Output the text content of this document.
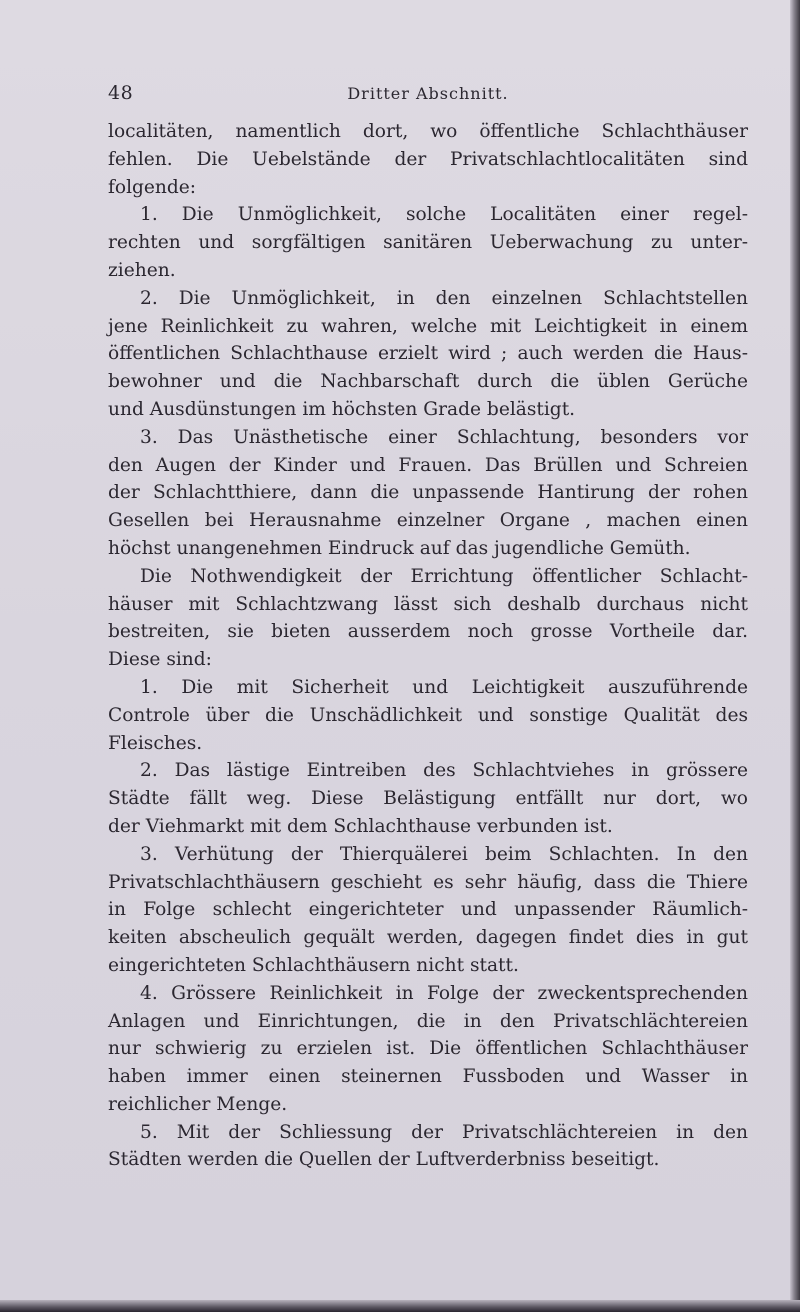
48	Dritter Abschnitt.
localitäten, namentlich dort, wo öffentliche Schlachthäuser
fehlen. Die Uebelstände der Privatschlachtlocalitäten sind
folgende:
1. Die Unmöglichkeit, solche Localitäten einer regel-
rechten und sorgfältigen sanitären Ueberwachung zu unter-
ziehen.
2. Die Unmöglichkeit, in den einzelnen Schlachtstellen
jene Reinlichkeit zu wahren, welche mit Leichtigkeit in einem
öffentlichen Schlachthause erzielt wird ; auch werden die Haus-
bewohner und die Nachbarschaft durch die üblen Gerüche
und Ausdünstungen im höchsten Grade belästigt.
3. Das Unästhetische einer Schlachtung, besonders vor
den Augen der Kinder und Frauen. Das Brüllen und Schreien
der Schlachtthiere, dann die unpassende Hantirung der rohen
Gesellen bei Herausnahme einzelner Organe , machen einen
höchst unangenehmen Eindruck auf das jugendliche Gemüth.
Die Nothwendigkeit der Errichtung öffentlicher Schlacht-
häuser mit Schlachtzwang lässt sich deshalb durchaus nicht
bestreiten, sie bieten ausserdem noch grosse Vortheile dar.
Diese sind:
1. Die mit Sicherheit und Leichtigkeit auszuführende
Controle über die Unschädlichkeit und sonstige Qualität des
Fleisches.
2. Das lästige Eintreiben des Schlachtviehes in grössere
Städte fällt weg. Diese Belästigung entfällt nur dort, wo
der Viehmarkt mit dem Schlachthause verbunden ist.
3. Verhütung der Thierquälerei beim Schlachten. In den
Privatschlachthäusern geschieht es sehr häufig, dass die Thiere
in Folge schlecht eingerichteter und unpassender Räumlich-
keiten abscheulich gequält werden, dagegen findet dies in gut
eingerichteten Schlachthäusern nicht statt.
4. Grössere Reinlichkeit in Folge der zweckentsprechenden
Anlagen und Einrichtungen, die in den Privatschlächtereien
nur schwierig zu erzielen ist. Die öffentlichen Schlachthäuser
haben immer einen steinernen Fussboden und Wasser in
reichlicher Menge.
5. Mit der Schliessung der Privatschlächtereien in den
Städten werden die Quellen der Luftverderbniss beseitigt.
